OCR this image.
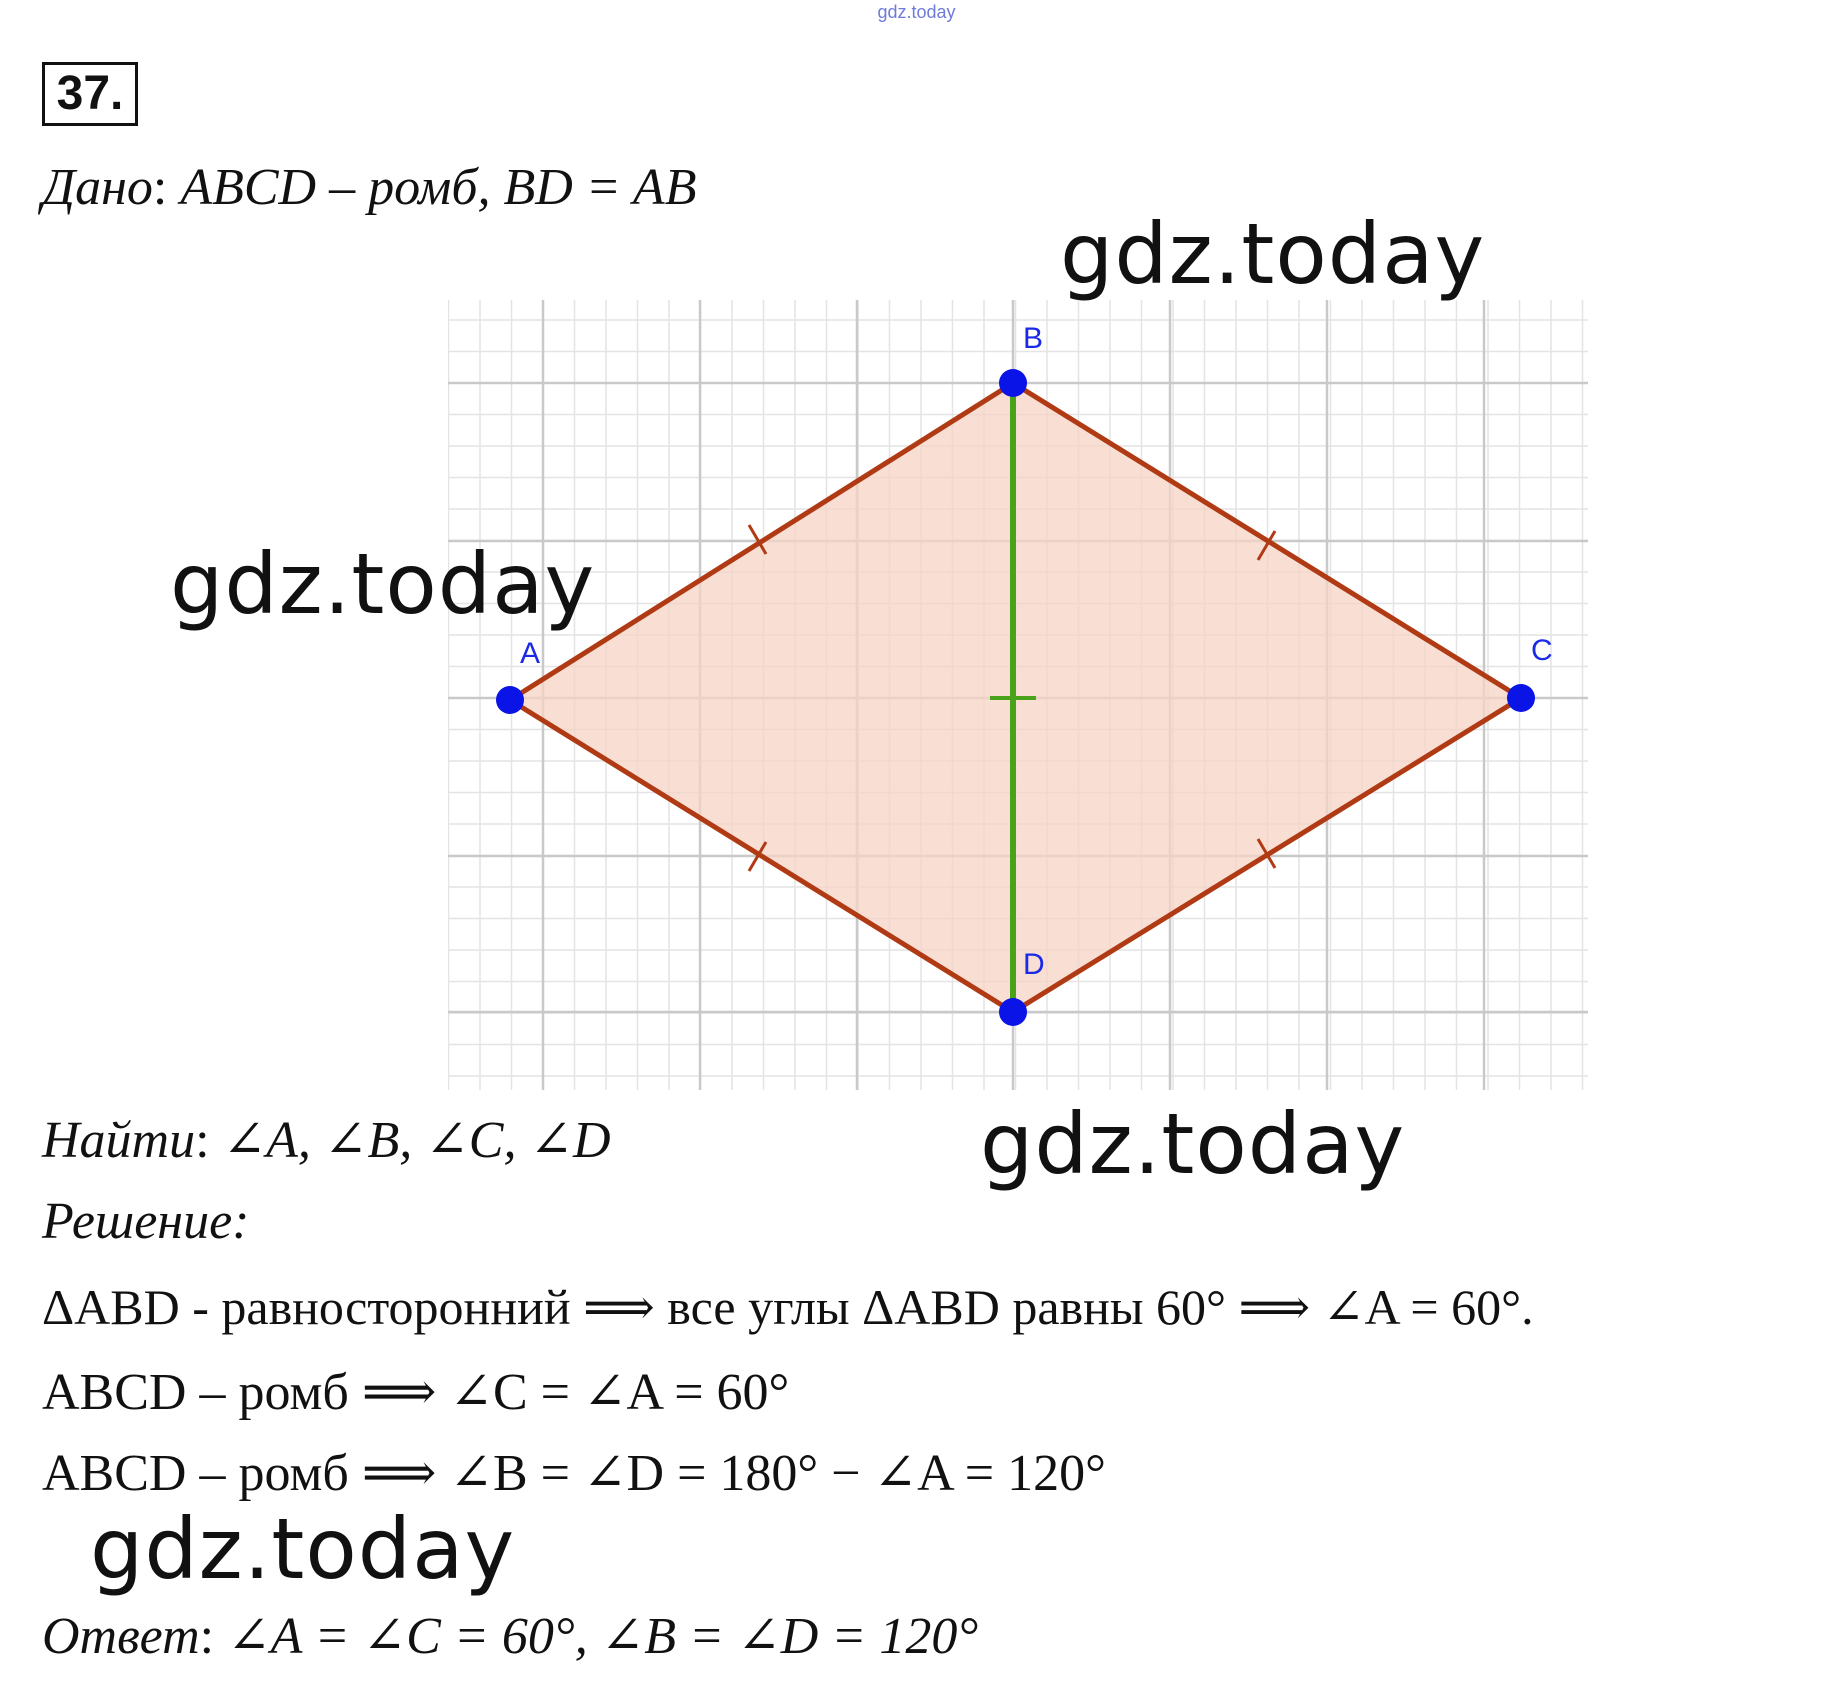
gdz.today
37.
Дано: ABCD – ромб, BD = AB
gdz.today
A
B
C
D
gdz.today
Найти: ∠A, ∠B, ∠C, ∠D	gdz.today
Решение:
ΔABD - равносторонний ⟹ все углы ΔABD равны 60° ⟹ ∠A = 60°.
ABCD – ромб ⟹ ∠C = ∠A = 60°
ABCD – ромб ⟹ ∠B = ∠D = 180° − ∠A = 120°
gdz.today
Ответ: ∠A = ∠C = 60°, ∠B = ∠D = 120°
